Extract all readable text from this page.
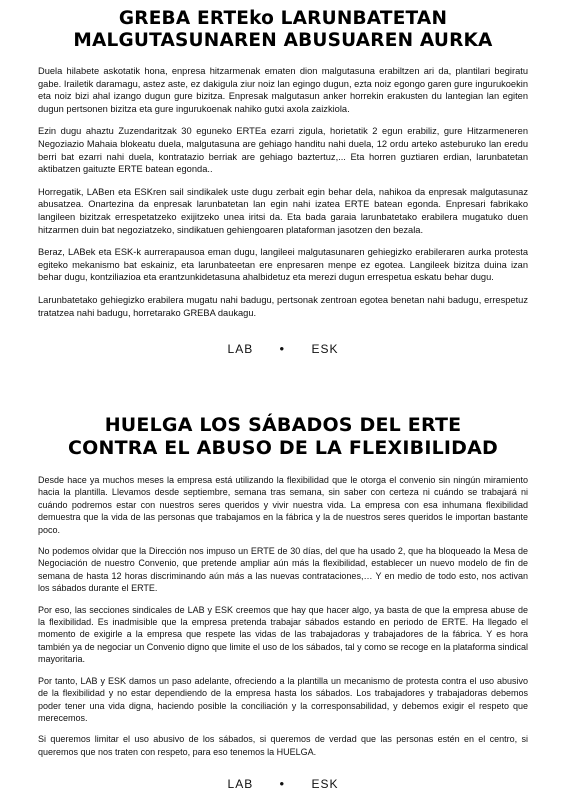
GREBA ERTEko LARUNBATETAN
MALGUTASUNAREN ABUSUAREN AURKA

Duela hilabete askotatik hona, enpresa hitzarmenak ematen dion malgutasuna erabiltzen ari da, plantilari begiratu gabe. Irailetik daramagu, astez aste, ez dakigula ziur noiz lan egingo dugun, ezta noiz egongo garen gure ingurukoekin eta noiz bizi ahal izango dugun gure bizitza. Enpresak malgutasun anker horrekin erakusten du lantegian lan egiten dugun pertsonen bizitza eta gure ingurukoenak nahiko gutxi axola zaizkiola.

Ezin dugu ahaztu Zuzendaritzak 30 eguneko ERTEa ezarri zigula, horietatik 2 egun erabiliz, gure Hitzarmeneren Negoziazio Mahaia blokeatu duela, malgutasuna are gehiago handitu nahi duela, 12 ordu arteko asteburuko lan eredu berri bat ezarri nahi duela, kontratazio berriak are gehiago baztertuz,... Eta horren guztiaren erdian, larunbatetan aktibatzen gaituzte ERTE batean egonda..

Horregatik, LABen eta ESKren sail sindikalek uste dugu zerbait egin behar dela, nahikoa da enpresak malgutasunaz abusatzea. Onartezina da enpresak larunbatetan lan egin nahi izatea ERTE batean egonda. Enpresari fabrikako langileen bizitzak errespetatzeko exijitzeko unea iritsi da. Eta bada garaia larunbatetako erabilera mugatuko duen hitzarmen duin bat negoziatzeko, sindikatuen gehiengoaren plataforman jasotzen den bezala.

Beraz, LABek eta ESK-k aurrerapausoa eman dugu, langileei malgutasunaren gehiegizko erabileraren aurka protesta egiteko mekanismo bat eskainiz, eta larunbateetan ere enpresaren menpe ez egotea. Langileek bizitza duina izan behar dugu, kontziliazioa eta erantzunkidetasuna ahalbidetuz eta merezi dugun errespetua eskatu behar dugu.

Larunbatetako gehiegizko erabilera mugatu nahi badugu, pertsonak zentroan egotea benetan nahi badugu, errespetuz tratatzea nahi badugu, horretarako GREBA daukagu.

LAB • ESK
HUELGA LOS SÁBADOS DEL ERTE
CONTRA EL ABUSO DE LA FLEXIBILIDAD

Desde hace ya muchos meses la empresa está utilizando la flexibilidad que le otorga el convenio sin ningún miramiento hacia la plantilla. Llevamos desde septiembre, semana tras semana, sin saber con certeza ni cuándo se trabajará ni cuándo podremos estar con nuestros seres queridos y vivir nuestra vida. La empresa con esa inhumana flexibilidad demuestra que la vida de las personas que trabajamos en la fábrica y la de nuestros seres queridos le importan bastante poco.

No podemos olvidar que la Dirección nos impuso un ERTE de 30 días, del que ha usado 2, que ha bloqueado la Mesa de Negociación de nuestro Convenio, que pretende ampliar aún más la flexibilidad, establecer un nuevo modelo de fin de semana de hasta 12 horas discriminando aún más a las nuevas contrataciones,… Y en medio de todo esto, nos activan los sábados durante el ERTE.

Por eso, las secciones sindicales de LAB y ESK creemos que hay que hacer algo, ya basta de que la empresa abuse de la flexibilidad. Es inadmisible que la empresa pretenda trabajar sábados estando en periodo de ERTE. Ha llegado el momento de exigirle a la empresa que respete las vidas de las trabajadoras y trabajadores de la fábrica. Y es hora también ya de negociar un Convenio digno que limite el uso de los sábados, tal y como se recoge en la plataforma sindical mayoritaria.

Por tanto, LAB y ESK damos un paso adelante, ofreciendo a la plantilla un mecanismo de protesta contra el uso abusivo de la flexibilidad y no estar dependiendo de la empresa hasta los sábados. Los trabajadores y trabajadoras debemos poder tener una vida digna, haciendo posible la conciliación y la corresponsabilidad, y debemos exigir el respeto que merecemos.

Si queremos limitar el uso abusivo de los sábados, si queremos de verdad que las personas estén en el centro, si queremos que nos traten con respeto, para eso tenemos la HUELGA.

LAB • ESK
